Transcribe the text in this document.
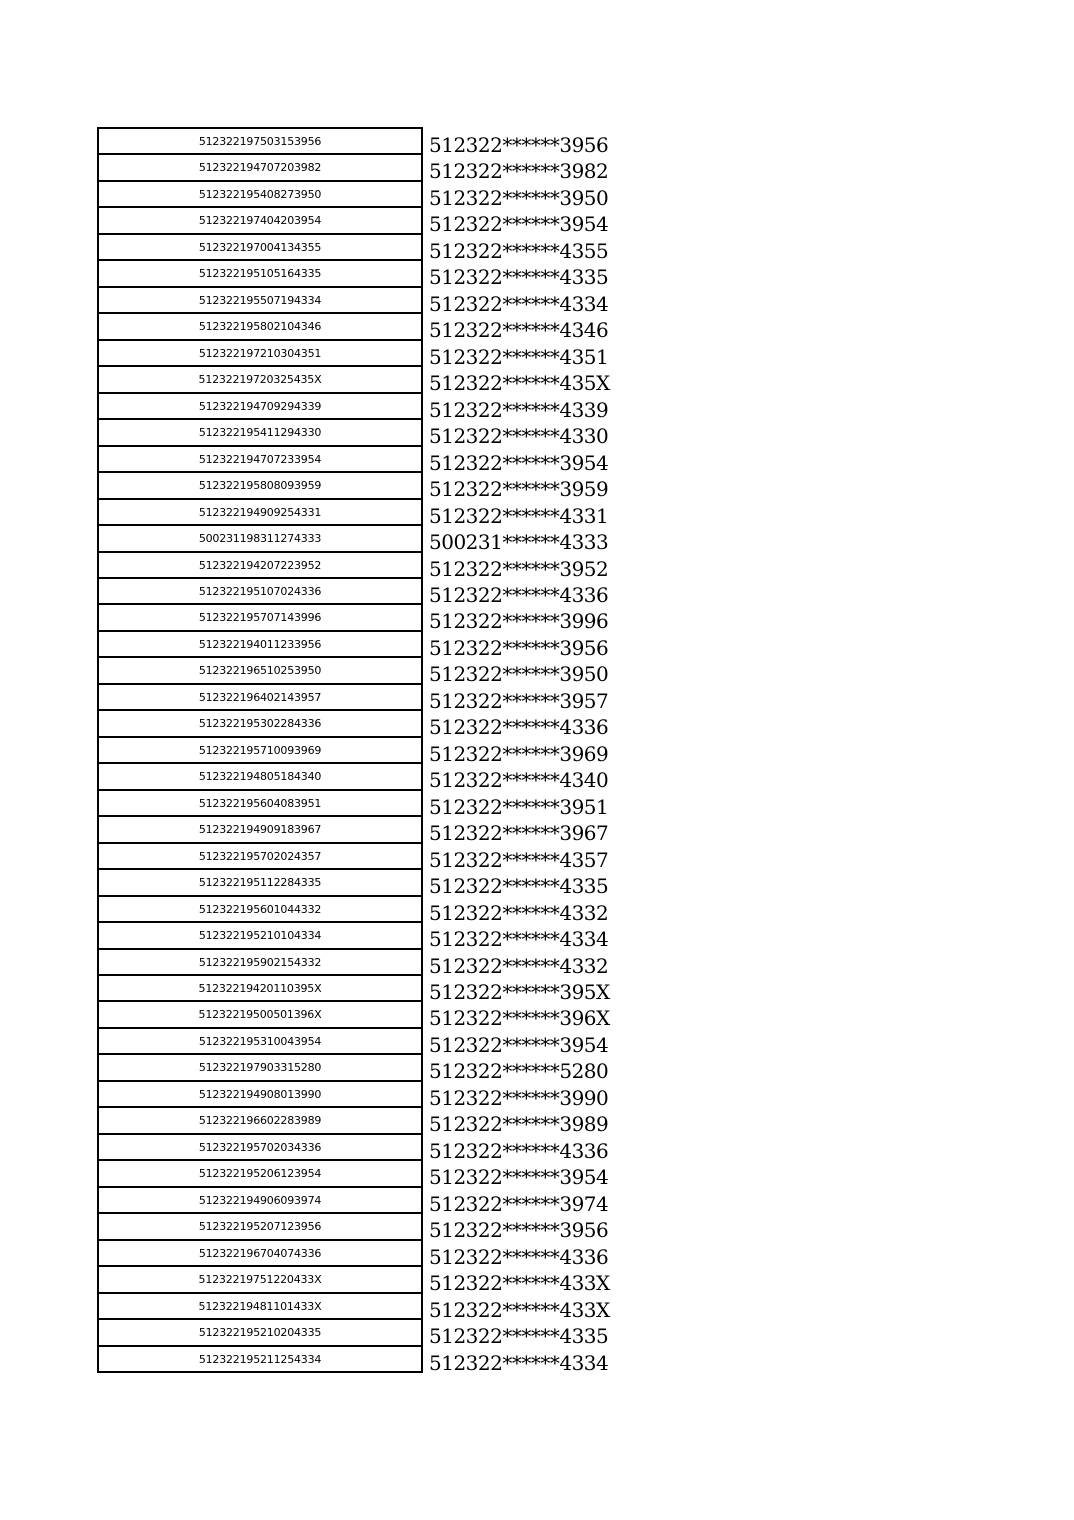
512322197503153956	512322******3956
512322194707203982	512322******3982
512322195408273950	512322******3950
512322197404203954	512322******3954
512322197004134355	512322******4355
512322195105164335	512322******4335
512322195507194334	512322******4334
512322195802104346	512322******4346
512322197210304351	512322******4351
51232219720325435X	512322******435X
512322194709294339	512322******4339
512322195411294330	512322******4330
512322194707233954	512322******3954
512322195808093959	512322******3959
512322194909254331	512322******4331
500231198311274333	500231******4333
512322194207223952	512322******3952
512322195107024336	512322******4336
512322195707143996	512322******3996
512322194011233956	512322******3956
512322196510253950	512322******3950
512322196402143957	512322******3957
512322195302284336	512322******4336
512322195710093969	512322******3969
512322194805184340	512322******4340
512322195604083951	512322******3951
512322194909183967	512322******3967
512322195702024357	512322******4357
512322195112284335	512322******4335
512322195601044332	512322******4332
512322195210104334	512322******4334
512322195902154332	512322******4332
51232219420110395X	512322******395X
51232219500501396X	512322******396X
512322195310043954	512322******3954
512322197903315280	512322******5280
512322194908013990	512322******3990
512322196602283989	512322******3989
512322195702034336	512322******4336
512322195206123954	512322******3954
512322194906093974	512322******3974
512322195207123956	512322******3956
512322196704074336	512322******4336
51232219751220433X	512322******433X
51232219481101433X	512322******433X
512322195210204335	512322******4335
512322195211254334	512322******4334
